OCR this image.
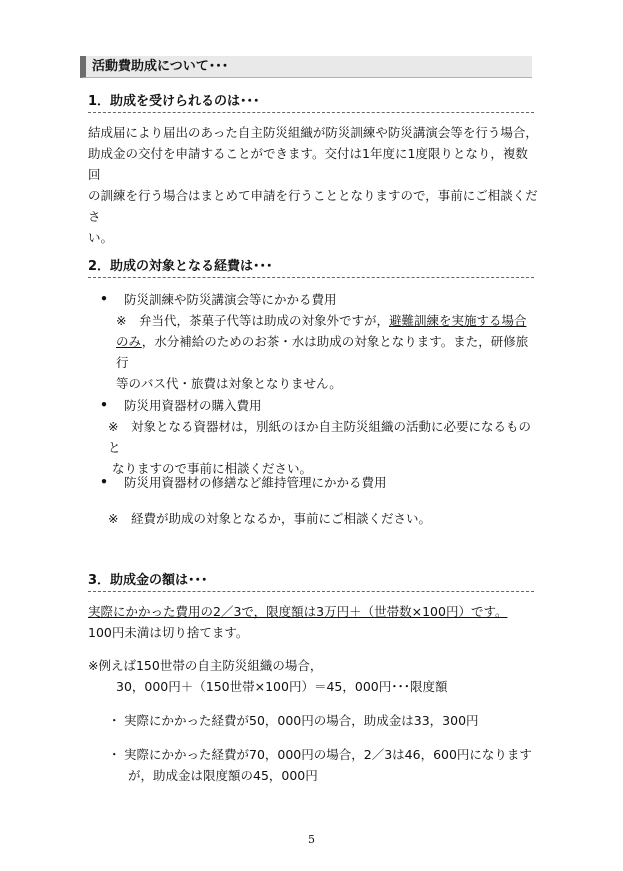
活動費助成について･･･
1．助成を受けられるのは･･･
結成届により届出のあった自主防災組織が防災訓練や防災講演会等を行う場合，
助成金の交付を申請することができます。交付は1年度に1度限りとなり，複数回
の訓練を行う場合はまとめて申請を行うこととなりますので，事前にご相談くださ
い。
2．助成の対象となる経費は･･･
• 防災訓練や防災講演会等にかかる費用
※　弁当代，茶菓子代等は助成の対象外ですが，避難訓練を実施する場合
のみ，水分補給のためのお茶・水は助成の対象となります。また，研修旅行
等のバス代・旅費は対象となりません。
• 防災用資器材の購入費用
※　対象となる資器材は，別紙のほか自主防災組織の活動に必要になるものと
なりますので事前に相談ください。
• 防災用資器材の修繕など維持管理にかかる費用
※　経費が助成の対象となるか，事前にご相談ください。
3．助成金の額は･･･
実際にかかった費用の2／3で，限度額は3万円＋（世帯数×100円）です。
100円未満は切り捨てます。
※例えば150世帯の自主防災組織の場合，
30，000円＋（150世帯×100円）＝45，000円･･･限度額
・ 実際にかかった経費が50，000円の場合，助成金は33，300円
・ 実際にかかった経費が70，000円の場合，2／3は46，600円になります
が，助成金は限度額の45，000円
5
